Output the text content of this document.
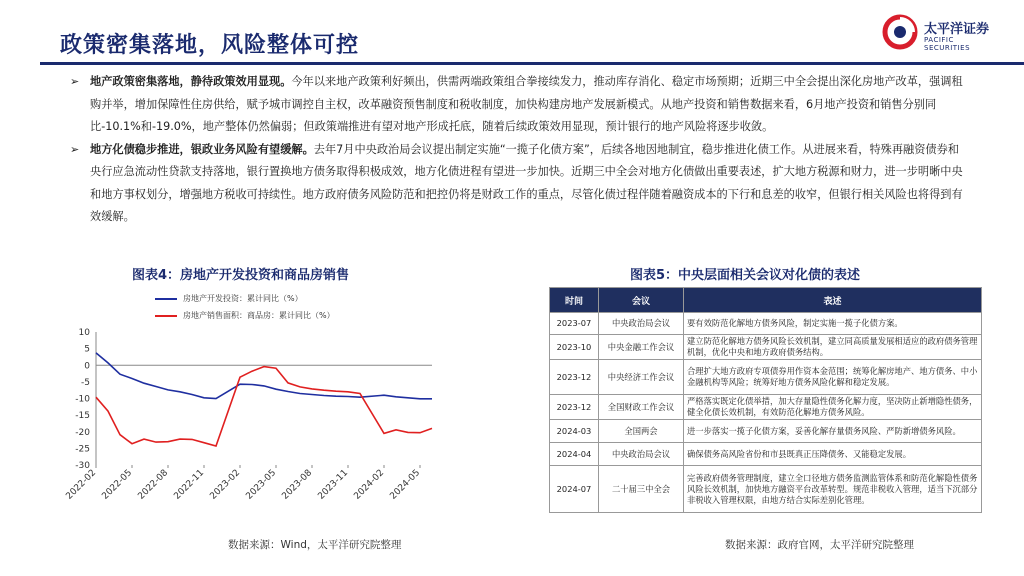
政策密集落地，风险整体可控
太平洋证券
PACIFIC SECURITIES
➢ 地产政策密集落地，静待政策效用显现。今年以来地产政策利好频出，供需两端政策组合拳接续发力，推动库存消化、稳定市场预期；近期三中全会提出深化房地产改革，强调租购并举，增加保障性住房供给，赋予城市调控自主权，改革融资预售制度和税收制度，加快构建房地产发展新模式。从地产投资和销售数据来看，6月地产投资和销售分别同比-10.1%和-19.0%，地产整体仍然偏弱；但政策端推进有望对地产形成托底，随着后续政策效用显现，预计银行的地产风险将逐步收敛。
➢ 地方化债稳步推进，银政业务风险有望缓解。去年7月中央政治局会议提出制定实施“一揽子化债方案”，后续各地因地制宜，稳步推进化债工作。从进展来看，特殊再融资债券和央行应急流动性贷款支持落地，银行置换地方债务取得积极成效，地方化债进程有望进一步加快。近期三中全会对地方化债做出重要表述，扩大地方税源和财力，进一步明晰中央和地方事权划分，增强地方税收可持续性。地方政府债务风险防范和把控仍将是财政工作的重点，尽管化债过程伴随着融资成本的下行和息差的收窄，但银行相关风险也将得到有效缓解。
图表4：房地产开发投资和商品房销售
房地产开发投资：累计同比（%）
房地产销售面积：商品房：累计同比（%）
10
5
0
-5
-10
-15
-20
-25
-30
2022-02 2022-05 2022-08 2022-11 2023-02 2023-05 2023-08 2023-11 2024-02 2024-05
数据来源：Wind，太平洋研究院整理
图表5：中央层面相关会议对化债的表述
时间	会议	表述
2023-07	中央政治局会议	要有效防范化解地方债务风险，制定实施一揽子化债方案。
2023-10	中央金融工作会议	建立防范化解地方债务风险长效机制，建立同高质量发展相适应的政府债务管理机制，优化中央和地方政府债务结构。
2023-12	中央经济工作会议	合理扩大地方政府专项债券用作资本金范围；统筹化解房地产、地方债务、中小金融机构等风险；统筹好地方债务风险化解和稳定发展。
2023-12	全国财政工作会议	严格落实既定化债举措，加大存量隐性债务化解力度，坚决防止新增隐性债务，健全化债长效机制，有效防范化解地方债务风险。
2024-03	全国两会	进一步落实一揽子化债方案，妥善化解存量债务风险、严防新增债务风险。
2024-04	中央政治局会议	确保债务高风险省份和市县既真正压降债务、又能稳定发展。
2024-07	二十届三中全会	完善政府债务管理制度，建立全口径地方债务监测监管体系和防范化解隐性债务风险长效机制，加快地方融资平台改革转型。规范非税收入管理，适当下沉部分非税收入管理权限，由地方结合实际差别化管理。
数据来源：政府官网，太平洋研究院整理
